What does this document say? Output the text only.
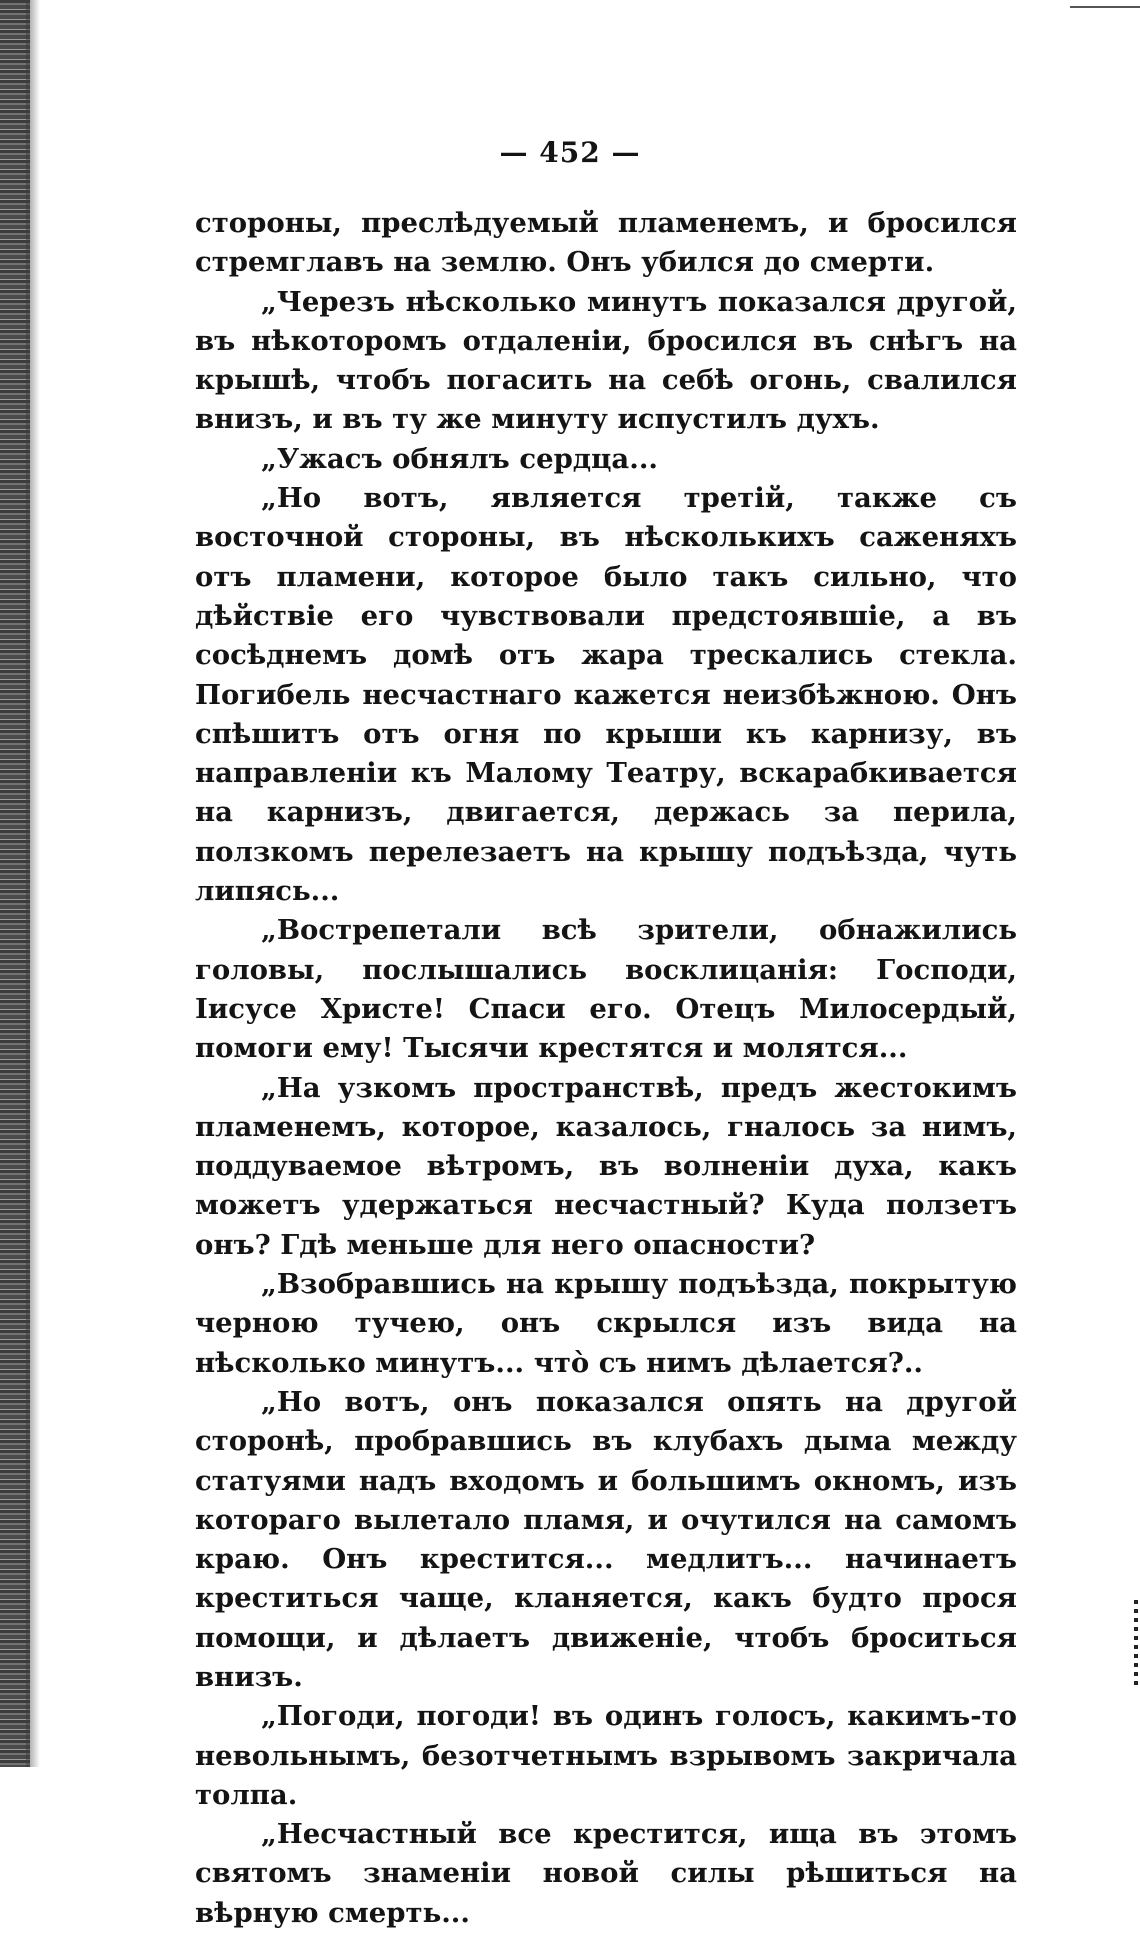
— 452 —

стороны, преслѣдуемый пламенемъ, и бросился стремглавъ на землю. Онъ убился до смерти.

„Черезъ нѣсколько минутъ показался другой, въ нѣкоторомъ отдаленіи, бросился въ снѣгъ на крышѣ, чтобъ погасить на себѣ огонь, свалился внизъ, и въ ту же минуту испустилъ духъ.

„Ужасъ обнялъ сердца...

„Но вотъ, является третій, также съ восточной стороны, въ нѣсколькихъ саженяхъ отъ пламени, которое было такъ сильно, что дѣйствіе его чувствовали предстоявшіе, а въ сосѣднемъ домѣ отъ жара трескались стекла. Погибель несчастнаго кажется неизбѣжною. Онъ спѣшитъ отъ огня по крыши къ карнизу, въ направленіи къ Малому Театру, вскарабкивается на карнизъ, двигается, держась за перила, ползкомъ перелезаетъ на крышу подъѣзда, чуть липясь...

„Вострепетали всѣ зрители, обнажились головы, послышались восклицанія: Господи, Іисусе Христе! Спаси его. Отецъ Милосердый, помоги ему! Тысячи крестятся и молятся...

„На узкомъ пространствѣ, предъ жестокимъ пламенемъ, которое, казалось, гналось за нимъ, поддуваемое вѣтромъ, въ волненіи духа, какъ можетъ удержаться несчастный? Куда ползетъ онъ? Гдѣ меньше для него опасности?

„Взобравшись на крышу подъѣзда, покрытую черною тучею, онъ скрылся изъ вида на нѣсколько минутъ... что̀ съ нимъ дѣлается?..

„Но вотъ, онъ показался опять на другой сторонѣ, пробравшись въ клубахъ дыма между статуями надъ входомъ и большимъ окномъ, изъ котораго вылетало пламя, и очутился на самомъ краю. Онъ крестится... медлитъ... начинаетъ креститься чаще, кланяется, какъ будто прося помощи, и дѣлаетъ движеніе, чтобъ броситься внизъ.

„Погоди, погоди! въ одинъ голосъ, какимъ-то невольнымъ, безотчетнымъ взрывомъ закричала толпа.

„Несчастный все крестится, ища въ этомъ святомъ знаменіи новой силы рѣшиться на вѣрную смерть...
